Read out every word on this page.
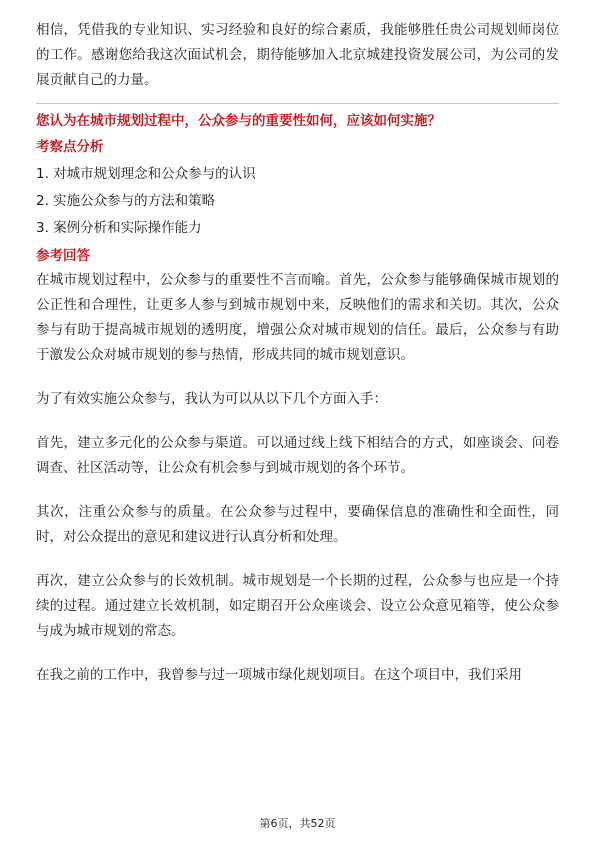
相信，凭借我的专业知识、实习经验和良好的综合素质，我能够胜任贵公司规划师岗位的工作。感谢您给我这次面试机会，期待能够加入北京城建投资发展公司，为公司的发展贡献自己的力量。

您认为在城市规划过程中，公众参与的重要性如何，应该如何实施？

考察点分析

1. 对城市规划理念和公众参与的认识
2. 实施公众参与的方法和策略
3. 案例分析和实际操作能力

参考回答

在城市规划过程中，公众参与的重要性不言而喻。首先，公众参与能够确保城市规划的公正性和合理性，让更多人参与到城市规划中来，反映他们的需求和关切。其次，公众参与有助于提高城市规划的透明度，增强公众对城市规划的信任。最后，公众参与有助于激发公众对城市规划的参与热情，形成共同的城市规划意识。

为了有效实施公众参与，我认为可以从以下几个方面入手：

首先，建立多元化的公众参与渠道。可以通过线上线下相结合的方式，如座谈会、问卷调查、社区活动等，让公众有机会参与到城市规划的各个环节。

其次，注重公众参与的质量。在公众参与过程中，要确保信息的准确性和全面性，同时，对公众提出的意见和建议进行认真分析和处理。

再次，建立公众参与的长效机制。城市规划是一个长期的过程，公众参与也应是一个持续的过程。通过建立长效机制，如定期召开公众座谈会、设立公众意见箱等，使公众参与成为城市规划的常态。

在我之前的工作中，我曾参与过一项城市绿化规划项目。在这个项目中，我们采用

第6页，共52页
